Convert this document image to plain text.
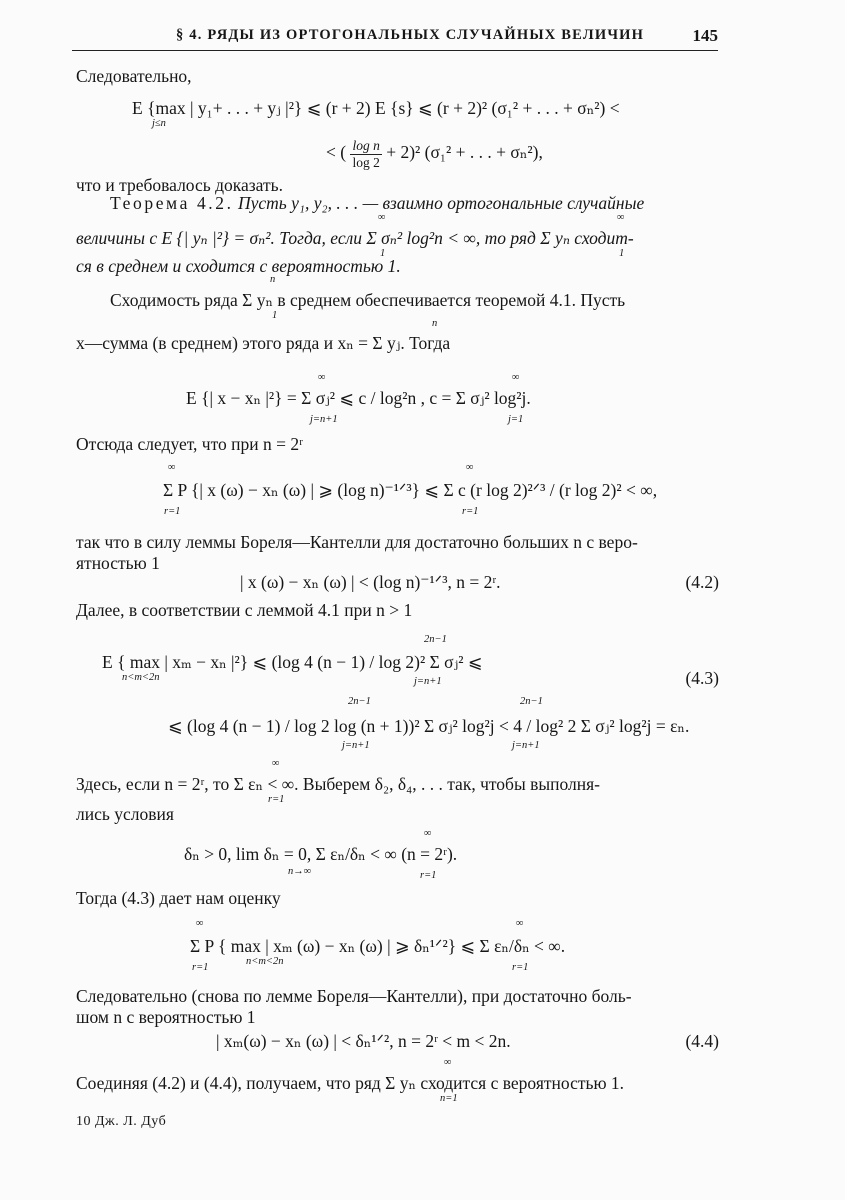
§ 4. РЯДЫ ИЗ ОРТОГОНАЛЬНЫХ СЛУЧАЙНЫХ ВЕЛИЧИН	145
Следовательно,
E {max | y₁+ . . . + yⱼ |²} ⩽ (r + 2) E {s} ⩽ (r + 2)² (σ₁² + . . . + σₙ²) <
j≤n
< ( $\frac{\text{log n}}{\log 2} + 2)^2$ (σ₁² + . . . + σₙ²),
что и требовалось доказать.
Теорема 4.2. Пусть y₁, y₂, . . . — взаимно ортогональные случайные
величины с E {| yₙ |²} = σₙ². Тогда, если Σ σₙ² log²n < ∞, то ряд Σ yₙ сходит-
∞
1
∞
1
ся в среднем и сходится с вероятностью 1.
Сходимость ряда Σ yₙ в среднем обеспечивается теоремой 4.1. Пусть
n
1
x—сумма (в среднем) этого ряда и xₙ = Σ yⱼ. Тогда
n
E {| x − xₙ |²} = Σ σⱼ² ⩽ c / log²n , c = Σ σⱼ² log²j.
∞
j=n+1
∞
j=1
Отсюда следует, что при n = 2ʳ
Σ P {| x (ω) − xₙ (ω) | ⩾ (log n)⁻¹ᐟ³} ⩽ Σ c (r log 2)²ᐟ³ / (r log 2)² < ∞,
∞
r=1
∞
r=1
так что в силу леммы Бореля—Кантелли для достаточно больших n с веро-
ятностью 1
| x (ω) − xₙ (ω) | < (log n)⁻¹ᐟ³, n = 2ʳ.	(4.2)
Далее, в соответствии с леммой 4.1 при n > 1
E { max | xₘ − xₙ |²} ⩽ (log 4 (n − 1) / log 2)² Σ σⱼ² ⩽
n<m<2n
2n−1
j=n+1	(4.3)
⩽ (log 4 (n − 1) / log 2 log (n + 1))² Σ σⱼ² log²j < 4 / log² 2 Σ σⱼ² log²j = εₙ.
2n−1
j=n+1
2n−1
j=n+1
Здесь, если n = 2ʳ, то Σ εₙ < ∞. Выберем δ₂, δ₄, . . . так, чтобы выполня-
∞
r=1
лись условия
δₙ > 0, lim δₙ = 0, Σ εₙ/δₙ < ∞ (n = 2ʳ).
n→∞
∞
r=1
Тогда (4.3) дает нам оценку
Σ P { max | xₘ (ω) − xₙ (ω) | ⩾ δₙ¹ᐟ²} ⩽ Σ εₙ/δₙ < ∞.
∞
r=1
n<m<2n
∞
r=1
Следовательно (снова по лемме Бореля—Кантелли), при достаточно боль-
шом n с вероятностью 1
| xₘ(ω) − xₙ (ω) | < δₙ¹ᐟ², n = 2ʳ < m < 2n.	(4.4)
Соединяя (4.2) и (4.4), получаем, что ряд Σ yₙ сходится с вероятностью 1.
∞
n=1
10 Дж. Л. Дуб
